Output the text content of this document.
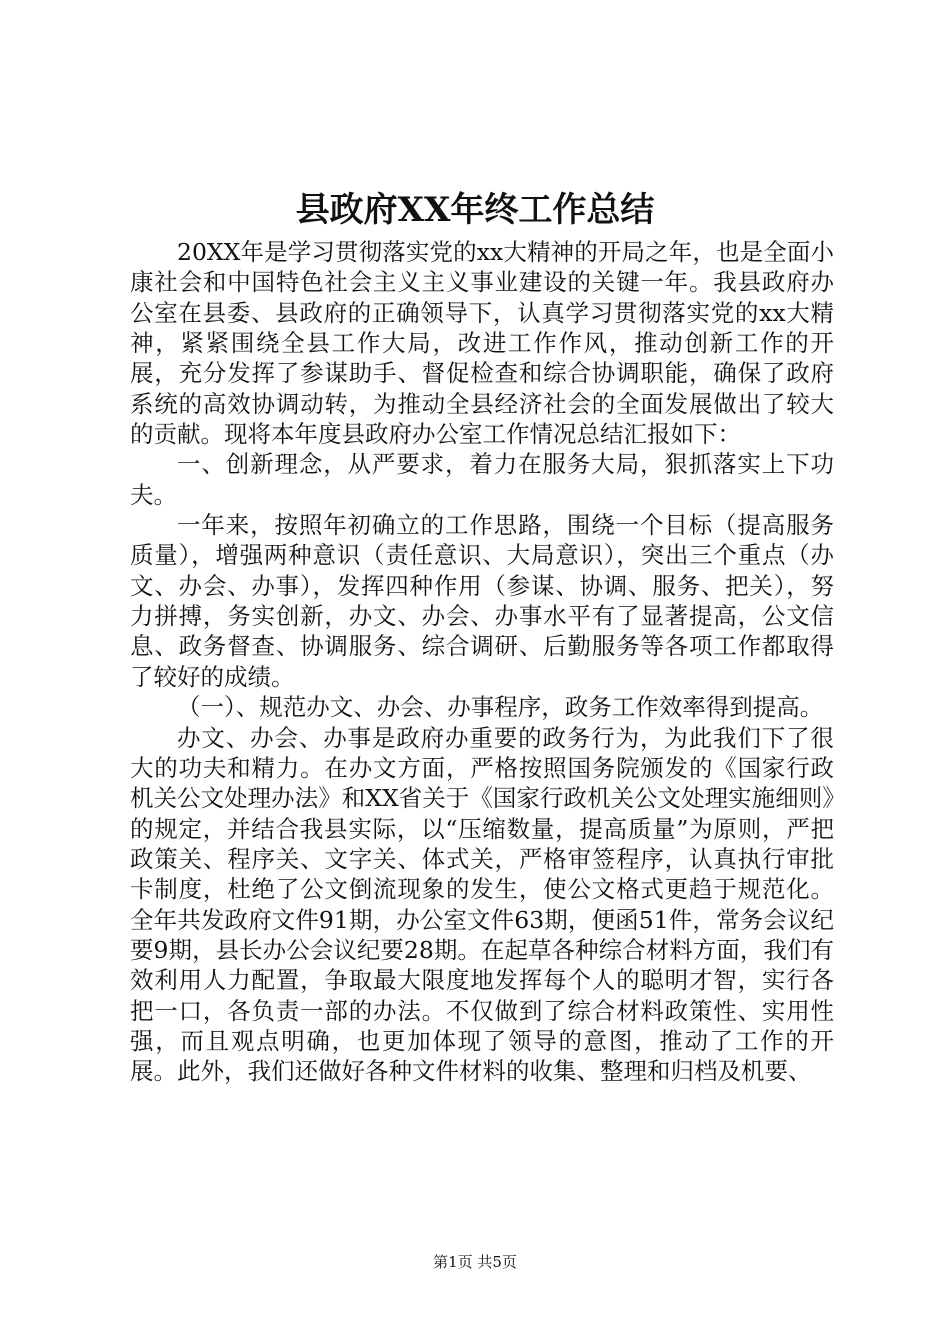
县政府XX年终工作总结

20XX年是学习贯彻落实党的xx大精神的开局之年，也是全面小康社会和中国特色社会主义主义事业建设的关键一年。我县政府办公室在县委、县政府的正确领导下，认真学习贯彻落实党的xx大精神，紧紧围绕全县工作大局，改进工作作风，推动创新工作的开展，充分发挥了参谋助手、督促检查和综合协调职能，确保了政府系统的高效协调动转，为推动全县经济社会的全面发展做出了较大的贡献。现将本年度县政府办公室工作情况总结汇报如下：

一、创新理念，从严要求，着力在服务大局，狠抓落实上下功夫。

一年来，按照年初确立的工作思路，围绕一个目标（提高服务质量），增强两种意识（责任意识、大局意识），突出三个重点（办文、办会、办事），发挥四种作用（参谋、协调、服务、把关），努力拼搏，务实创新，办文、办会、办事水平有了显著提高，公文信息、政务督查、协调服务、综合调研、后勤服务等各项工作都取得了较好的成绩。

（一）、规范办文、办会、办事程序，政务工作效率得到提高。

办文、办会、办事是政府办重要的政务行为，为此我们下了很大的功夫和精力。在办文方面，严格按照国务院颁发的《国家行政机关公文处理办法》和XX省关于《国家行政机关公文处理实施细则》的规定，并结合我县实际，以“压缩数量，提高质量”为原则，严把政策关、程序关、文字关、体式关，严格审签程序，认真执行审批卡制度，杜绝了公文倒流现象的发生，使公文格式更趋于规范化。全年共发政府文件91期，办公室文件63期，便函51件，常务会议纪要9期，县长办公会议纪要28期。在起草各种综合材料方面，我们有效利用人力配置，争取最大限度地发挥每个人的聪明才智，实行各把一口，各负责一部的办法。不仅做到了综合材料政策性、实用性强，而且观点明确，也更加体现了领导的意图，推动了工作的开展。此外，我们还做好各种文件材料的收集、整理和归档及机要、

第1页 共5页
